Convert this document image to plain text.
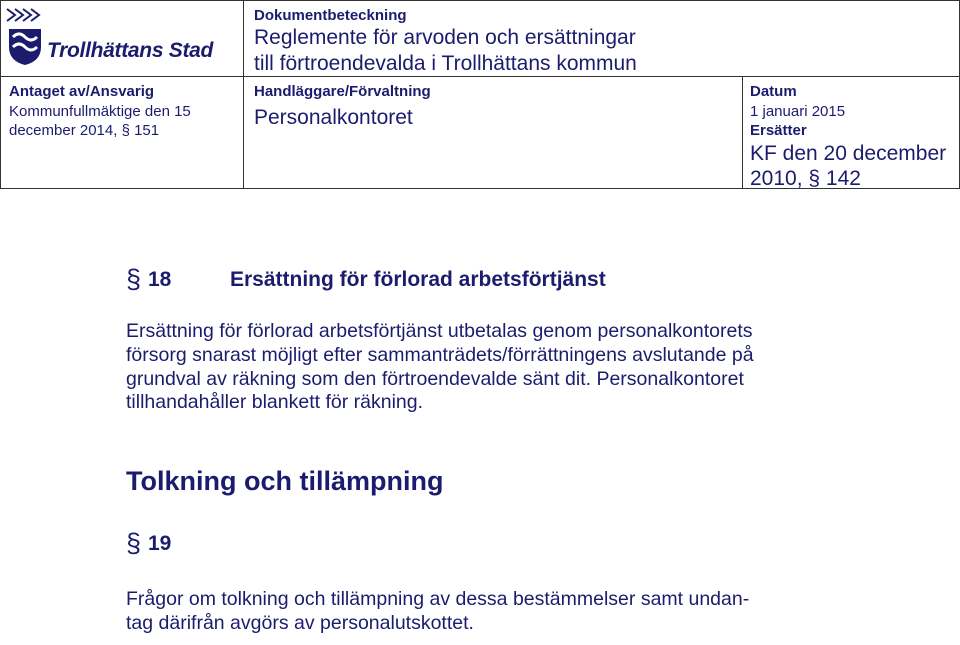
Trollhättans Stad
Dokumentbeteckning
Reglemente för arvoden och ersättningar
till förtroendevalda i Trollhättans kommun
Antaget av/Ansvarig
Kommunfullmäktige den 15
december 2014, § 151
Handläggare/Förvaltning
Personalkontoret
Datum
1 januari 2015
Ersätter
KF den 20 december
2010, § 142
§ 18	Ersättning för förlorad arbetsförtjänst
Ersättning för förlorad arbetsförtjänst utbetalas genom personalkontorets
försorg snarast möjligt efter sammanträdets/förrättningens avslutande på
grundval av räkning som den förtroendevalde sänt dit. Personalkontoret
tillhandahåller blankett för räkning.
Tolkning och tillämpning
§ 19
Frågor om tolkning och tillämpning av dessa bestämmelser samt undan-
tag därifrån avgörs av personalutskottet.
